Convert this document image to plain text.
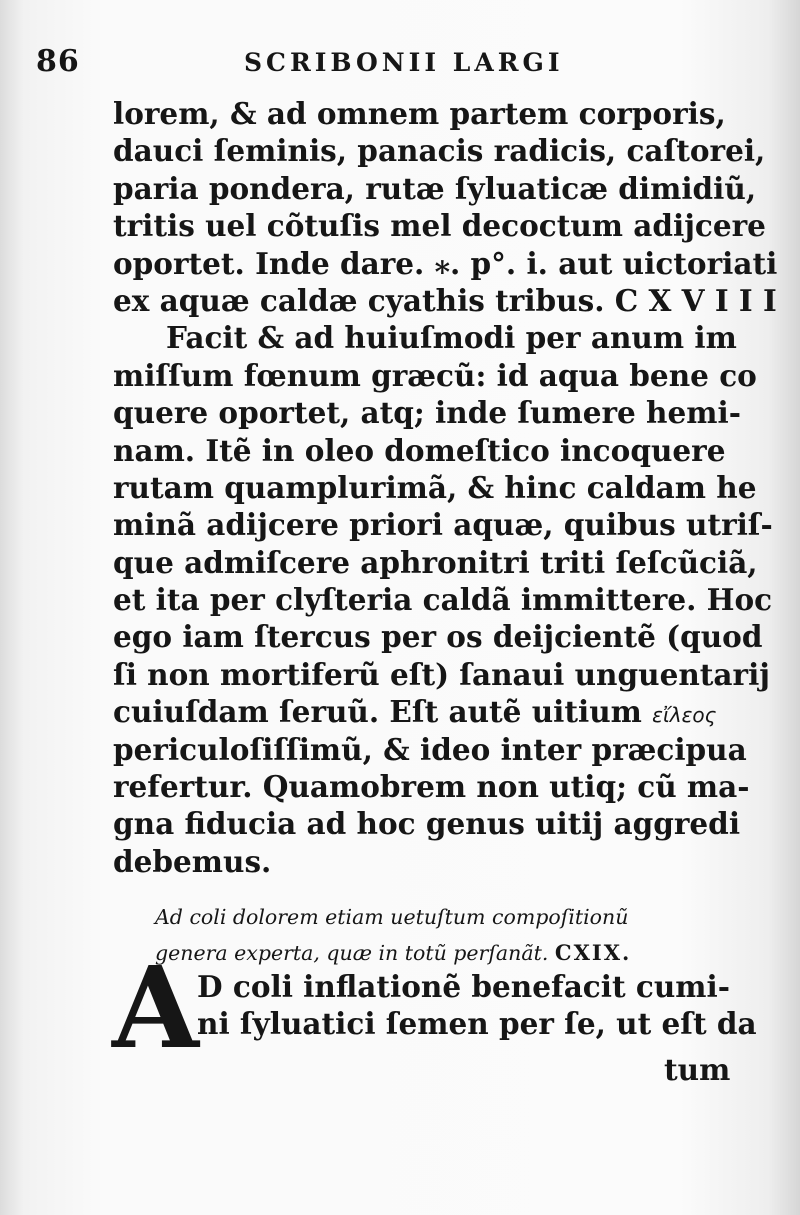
86	SCRIBONII LARGI
lorem, & ad omnem partem corporis,
dauci ſeminis, panacis radicis, caſtorei,
paria pondera, rutæ ſyluaticæ dimidiũ,
tritis uel cõtuſis mel decoctum adijcere
oportet. Inde dare. ⁎. p°. i. aut uictoriati
ex aquæ caldæ cyathis tribus. C X V I I I
Facit & ad huiuſmodi per anum im
miſſum fœnum græcũ: id aqua bene co
quere oportet, atq; inde ſumere hemi-
nam. Itẽ in oleo domeſtico incoquere
rutam quamplurimã, & hinc caldam he
minã adijcere priori aquæ, quibus utriſ-
que admiſcere aphronitri triti ſeſcũciã,
et ita per clyſteria caldã immittere. Hoc
ego iam ſtercus per os deijcientẽ (quod
ſi non mortiferũ eſt) ſanaui unguentarij
cuiuſdam ſeruũ. Eſt autẽ uitium εἴλεος
periculoſiſſimũ, & ideo inter præcipua
refertur. Quamobrem non utiq; cũ ma-
gna fiducia ad hoc genus uitij aggredi
debemus.
Ad coli dolorem etiam uetuſtum compoſitionũ
genera experta, quæ in totũ perſanãt. CXIX.
A
D coli inflationẽ benefacit cumi-
ni ſyluatici ſemen per ſe, ut eſt da
tum
